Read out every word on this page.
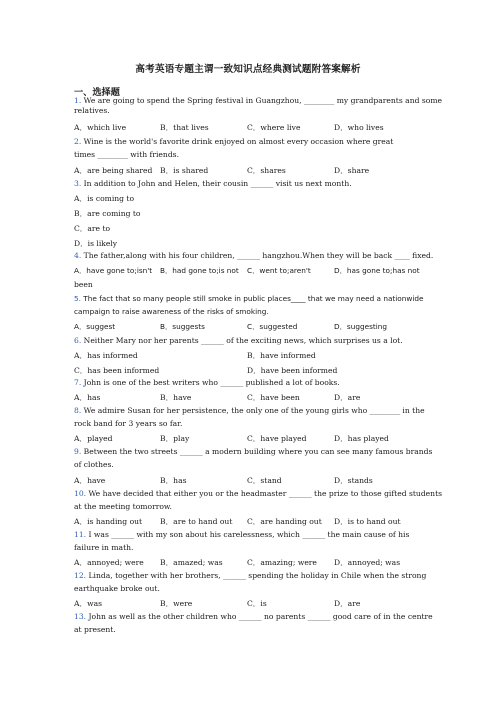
高考英语专题主谓一致知识点经典测试题附答案解析
一、选择题
1. We are going to spend the Spring festival in Guangzhou, ________ my grandparents and some
relatives.
A．which live	B．that lives	C．where live	D．who lives
2. Wine is the world's favorite drink enjoyed on almost every occasion where great
times ________ with friends.
A．are being shared B．is shared	C．shares	D．share
3. In addition to John and Helen, their cousin ______ visit us next month.
A．is coming to
B．are coming to
C．are to
D．is likely
4. The father,along with his four children, ______ hangzhou.When they will be back ____ fixed.
A．have gone to;isn't B．had gone to;is not C．went to;aren't	D．has gone to;has not
been
5. The fact that so many people still smoke in public places____ that we may need a nationwide
campaign to raise awareness of the risks of smoking.
A．suggest	B．suggests	C．suggested	D．suggesting
6. Neither Mary nor her parents ______ of the exciting news, which surprises us a lot.
A．has informed	B．have informed
C．has been informed	D．have been informed
7. John is one of the best writers who ______ published a lot of books.
A．has	B．have	C．have been	D．are
8. We admire Susan for her persistence, the only one of the young girls who ________ in the
rock band for 3 years so far.
A．played	B．play	C．have played	D．has played
9. Between the two streets ______ a modern building where you can see many famous brands
of clothes.
A．have	B．has	C．stand	D．stands
10. We have decided that either you or the headmaster ______ the prize to those gifted students
at the meeting tomorrow.
A．is handing out B．are to hand out C．are handing out D．is to hand out
11. I was ______ with my son about his carelessness, which ______ the main cause of his
failure in math.
A．annoyed; were B．amazed; was	C．amazing; were D．annoyed; was
12. Linda, together with her brothers, ______ spending the holiday in Chile when the strong
earthquake broke out.
A．was	B．were	C．is	D．are
13. John as well as the other children who ______ no parents ______ good care of in the centre
at present.
